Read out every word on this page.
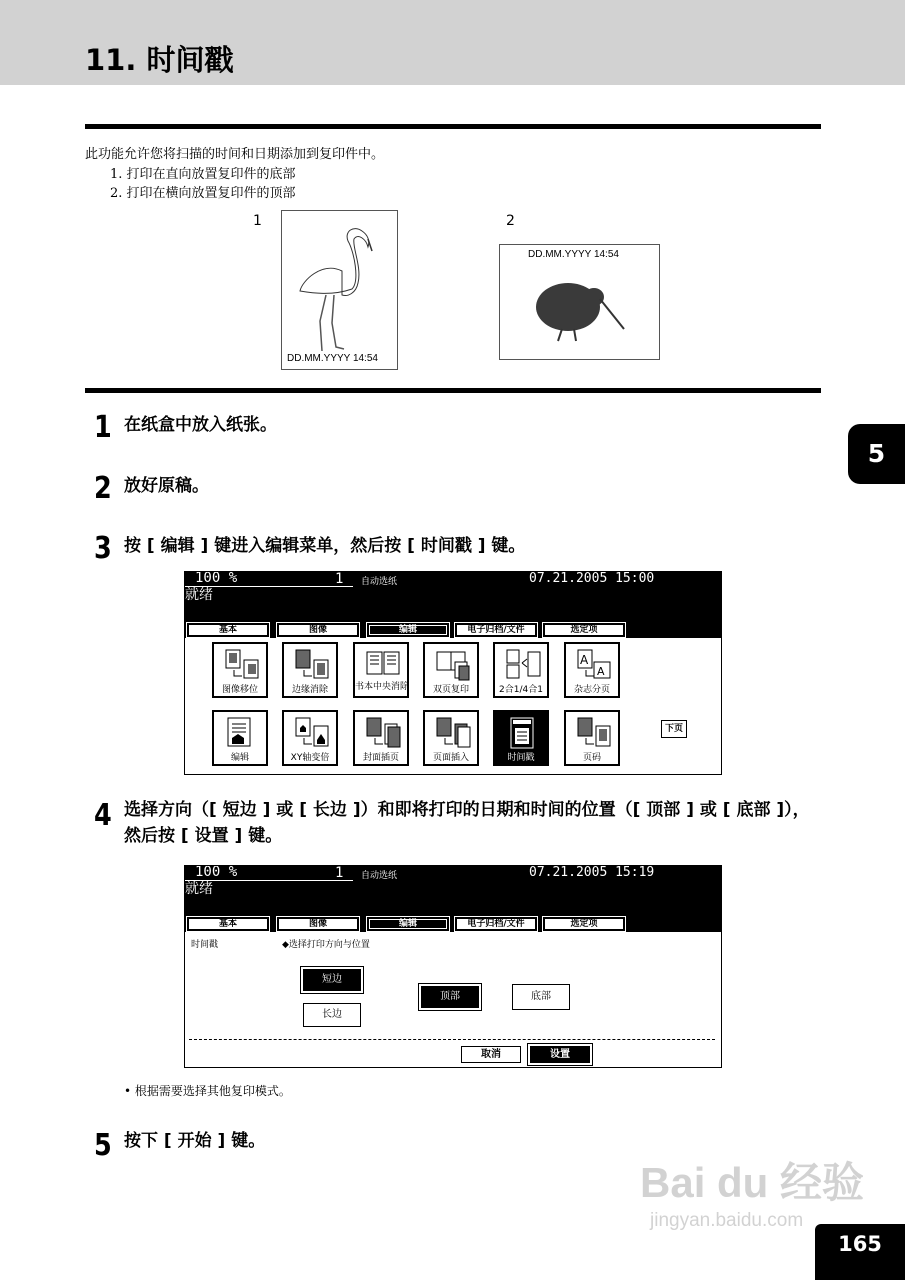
11. 时间戳
此功能允许您将扫描的时间和日期添加到复印件中。
1. 打印在直向放置复印件的底部
2. 打印在横向放置复印件的顶部
1	2
DD.MM.YYYY 14:54
DD.MM.YYYY 14:54
1 在纸盒中放入纸张。
2 放好原稿。
3 按 [ 编辑 ] 键进入编辑菜单，然后按 [ 时间戳 ] 键。
100 %	1 自动选纸	07.21.2005 15:00
就绪
基本	图像	编辑	电子归档/文件	选定项
图像移位	边缘消除	书本中央消除	双页复印	2合1/4合1
A
A
杂志分页
编辑	XY轴变倍	封面插页	页面插入	时间戳	页码
下页
4 选择方向（[ 短边 ] 或 [ 长边 ]）和即将打印的日期和时间的位置（[ 顶部 ] 或 [ 底部 ]），然后按 [ 设置 ] 键。
100 %	1 自动选纸	07.21.2005 15:19
就绪
基本	图像	编辑	电子归档/文件	选定项
时间戳	◆选择打印方向与位置
短边
长边
顶部	底部
取消	设置
• 根据需要选择其他复印模式。
5 按下 [ 开始 ] 键。
5
Bai du 经验
jingyan.baidu.com
165
